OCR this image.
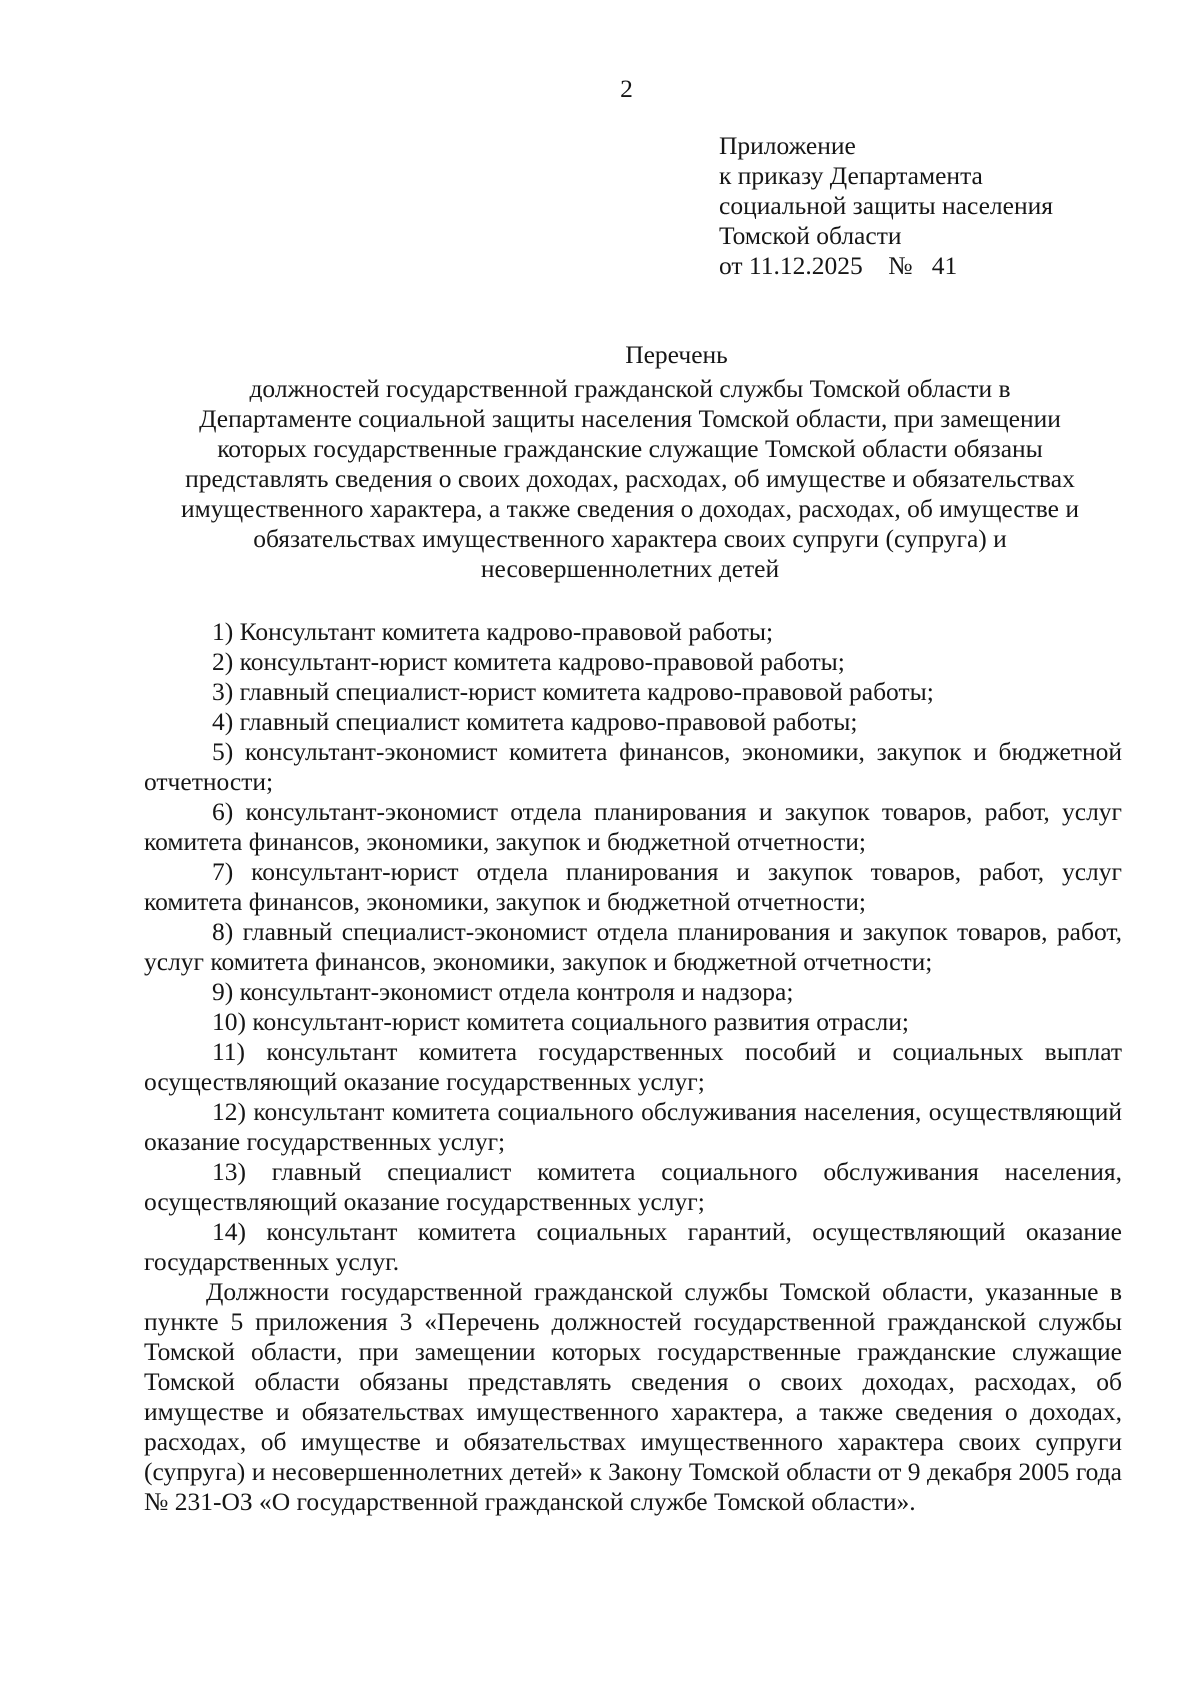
2
Приложение
к приказу Департамента
социальной защиты населения
Томской области
от 11.12.2025    №   41
Перечень
должностей государственной гражданской службы Томской области в
Департаменте социальной защиты населения Томской области, при замещении
которых государственные гражданские служащие Томской области обязаны
представлять сведения о своих доходах, расходах, об имуществе и обязательствах
имущественного характера, а также сведения о доходах, расходах, об имуществе и
обязательствах имущественного характера своих супруги (супруга) и
несовершеннолетних детей
1) Консультант комитета кадрово-правовой работы;
2) консультант-юрист комитета кадрово-правовой работы;
3) главный специалист-юрист комитета кадрово-правовой работы;
4) главный специалист комитета кадрово-правовой работы;
5) консультант-экономист комитета финансов, экономики, закупок и бюджетной отчетности;
6) консультант-экономист отдела планирования и закупок товаров, работ, услуг комитета финансов, экономики, закупок и бюджетной отчетности;
7) консультант-юрист отдела планирования и закупок товаров, работ, услуг комитета финансов, экономики, закупок и бюджетной отчетности;
8) главный специалист-экономист отдела планирования и закупок товаров, работ, услуг комитета финансов, экономики, закупок и бюджетной отчетности;
9) консультант-экономист отдела контроля и надзора;
10) консультант-юрист комитета социального развития отрасли;
11) консультант комитета государственных пособий и социальных выплат осуществляющий оказание государственных услуг;
12) консультант комитета социального обслуживания населения, осуществляющий оказание государственных услуг;
13) главный специалист комитета социального обслуживания населения, осуществляющий оказание государственных услуг;
14) консультант комитета социальных гарантий, осуществляющий оказание государственных услуг.
Должности государственной гражданской службы Томской области, указанные в пункте 5 приложения 3 «Перечень должностей государственной гражданской службы Томской области, при замещении которых государственные гражданские служащие Томской области обязаны представлять сведения о своих доходах, расходах, об имуществе и обязательствах имущественного характера, а также сведения о доходах, расходах, об имуществе и обязательствах имущественного характера своих супруги (супруга) и несовершеннолетних детей» к Закону Томской области от 9 декабря 2005 года № 231-ОЗ «О государственной гражданской службе Томской области».
